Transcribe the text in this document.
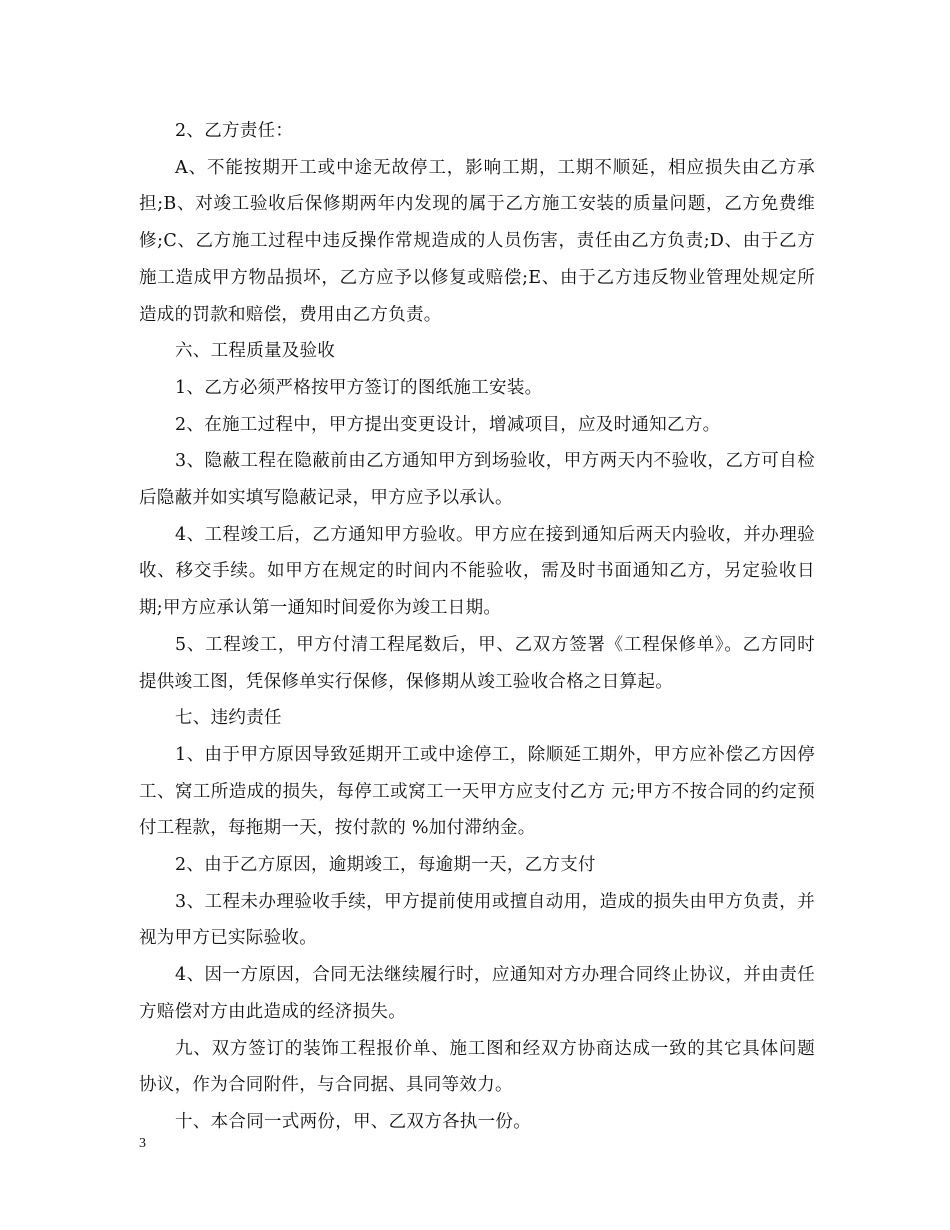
2、乙方责任：

A、不能按期开工或中途无故停工，影响工期，工期不顺延，相应损失由乙方承担;B、对竣工验收后保修期两年内发现的属于乙方施工安装的质量问题，乙方免费维修;C、乙方施工过程中违反操作常规造成的人员伤害，责任由乙方负责;D、由于乙方施工造成甲方物品损坏，乙方应予以修复或赔偿;E、由于乙方违反物业管理处规定所造成的罚款和赔偿，费用由乙方负责。

六、工程质量及验收

1、乙方必须严格按甲方签订的图纸施工安装。

2、在施工过程中，甲方提出变更设计，增减项目，应及时通知乙方。

3、隐蔽工程在隐蔽前由乙方通知甲方到场验收，甲方两天内不验收，乙方可自检后隐蔽并如实填写隐蔽记录，甲方应予以承认。

4、工程竣工后，乙方通知甲方验收。甲方应在接到通知后两天内验收，并办理验收、移交手续。如甲方在规定的时间内不能验收，需及时书面通知乙方，另定验收日期;甲方应承认第一通知时间爱你为竣工日期。

5、工程竣工，甲方付清工程尾数后，甲、乙双方签署《工程保修单》。乙方同时提供竣工图，凭保修单实行保修，保修期从竣工验收合格之日算起。

七、违约责任

1、由于甲方原因导致延期开工或中途停工，除顺延工期外，甲方应补偿乙方因停工、窝工所造成的损失，每停工或窝工一天甲方应支付乙方 元;甲方不按合同的约定预付工程款，每拖期一天，按付款的 %加付滞纳金。

2、由于乙方原因，逾期竣工，每逾期一天，乙方支付

3、工程未办理验收手续，甲方提前使用或擅自动用，造成的损失由甲方负责，并视为甲方已实际验收。

4、因一方原因，合同无法继续履行时，应通知对方办理合同终止协议，并由责任方赔偿对方由此造成的经济损失。

九、双方签订的装饰工程报价单、施工图和经双方协商达成一致的其它具体问题协议，作为合同附件，与合同据、具同等效力。

十、本合同一式两份，甲、乙双方各执一份。

3
